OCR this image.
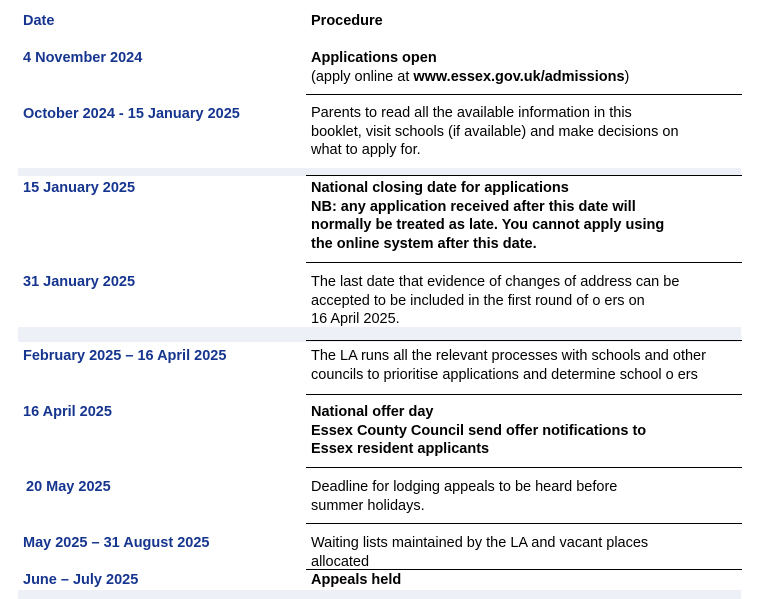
Date	Procedure
4 November 2024	Applications open
(apply online at www.essex.gov.uk/admissions)
October 2024 - 15 January 2025	Parents to read all the available information in this
booklet, visit schools (if available) and make decisions on
what to apply for.
15 January 2025	National closing date for applications
NB: any application received after this date will
normally be treated as late. You cannot apply using
the online system after this date.
31 January 2025	The last date that evidence of changes of address can be
accepted to be included in the first round of o ers on
16 April 2025.
February 2025 – 16 April 2025	The LA runs all the relevant processes with schools and other
councils to prioritise applications and determine school o ers
16 April 2025	National offer day
Essex County Council send offer notifications to
Essex resident applicants
20 May 2025	Deadline for lodging appeals to be heard before
summer holidays.
May 2025 – 31 August 2025	Waiting lists maintained by the LA and vacant places
allocated
June – July 2025	Appeals held
